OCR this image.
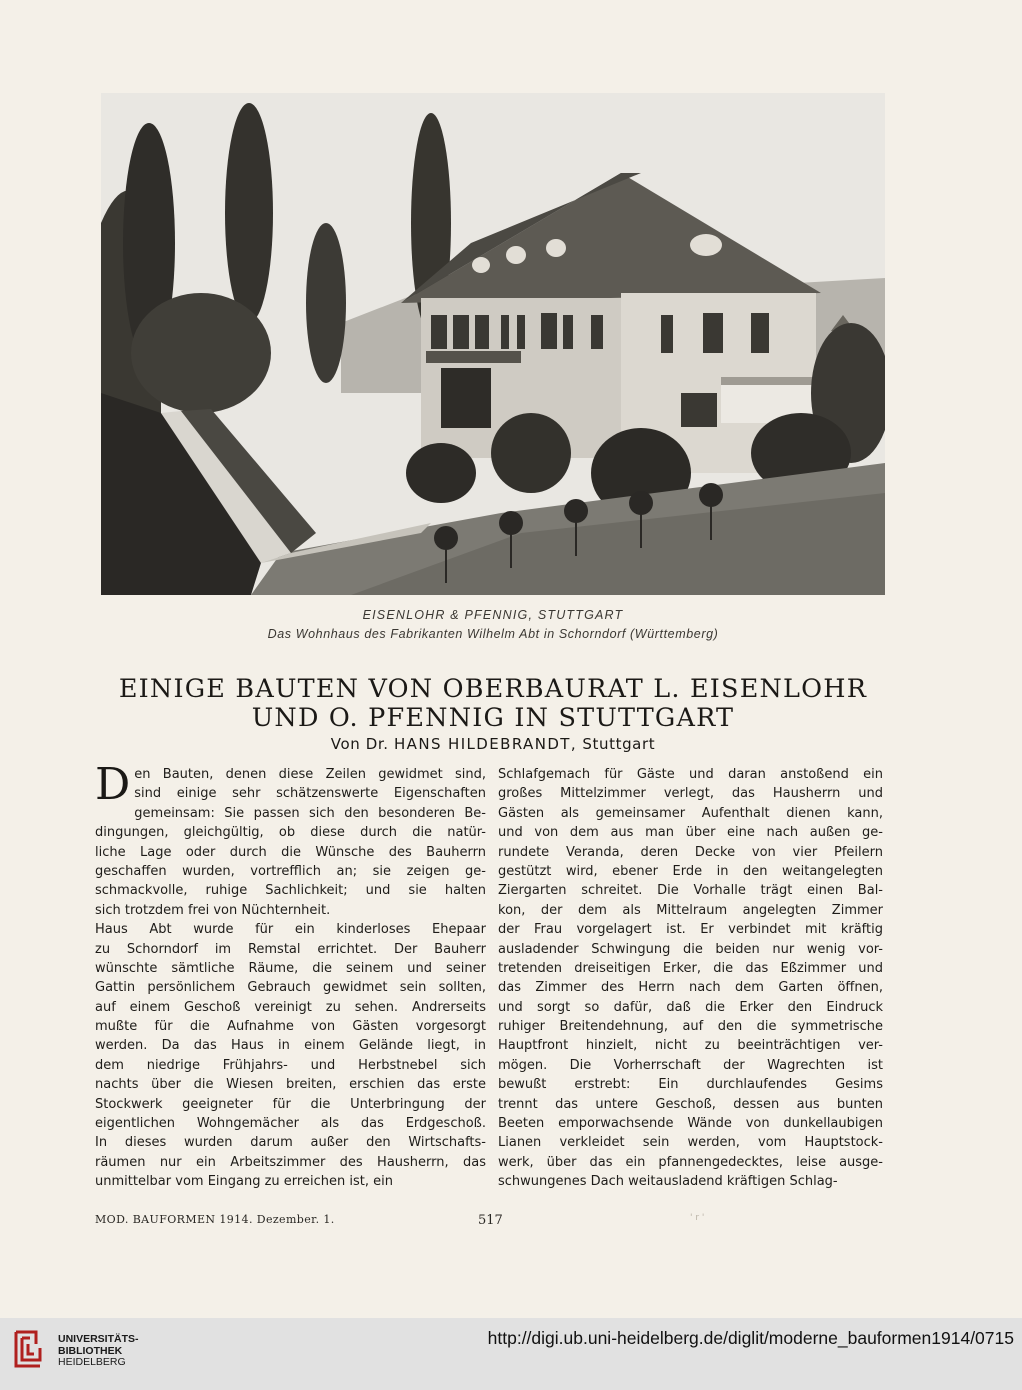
EISENLOHR & PFENNIG, STUTTGART
Das Wohnhaus des Fabrikanten Wilhelm Abt in Schorndorf (Württemberg)
EINIGE BAUTEN VON OBERBAURAT L. EISENLOHR
UND O. PFENNIG IN STUTTGART
Von Dr. HANS HILDEBRANDT, Stuttgart
D en Bauten, denen diese Zeilen gewidmet sind,
sind einige sehr schätzenswerte Eigenschaften
gemeinsam: Sie passen sich den besonderen Be-
dingungen, gleichgültig, ob diese durch die natür-
liche Lage oder durch die Wünsche des Bauherrn
geschaffen wurden, vortrefflich an; sie zeigen ge-
schmackvolle, ruhige Sachlichkeit; und sie halten
sich trotzdem frei von Nüchternheit.
Haus Abt wurde für ein kinderloses Ehepaar
zu Schorndorf im Remstal errichtet. Der Bauherr
wünschte sämtliche Räume, die seinem und seiner
Gattin persönlichem Gebrauch gewidmet sein sollten,
auf einem Geschoß vereinigt zu sehen. Andrerseits
mußte für die Aufnahme von Gästen vorgesorgt
werden. Da das Haus in einem Gelände liegt, in
dem niedrige Frühjahrs- und Herbstnebel sich
nachts über die Wiesen breiten, erschien das erste
Stockwerk geeigneter für die Unterbringung der
eigentlichen Wohngemächer als das Erdgeschoß.
In dieses wurden darum außer den Wirtschafts-
räumen nur ein Arbeitszimmer des Hausherrn, das
unmittelbar vom Eingang zu erreichen ist, ein
Schlafgemach für Gäste und daran anstoßend ein
großes Mittelzimmer verlegt, das Hausherrn und
Gästen als gemeinsamer Aufenthalt dienen kann,
und von dem aus man über eine nach außen ge-
rundete Veranda, deren Decke von vier Pfeilern
gestützt wird, ebener Erde in den weitangelegten
Ziergarten schreitet. Die Vorhalle trägt einen Bal-
kon, der dem als Mittelraum angelegten Zimmer
der Frau vorgelagert ist. Er verbindet mit kräftig
ausladender Schwingung die beiden nur wenig vor-
tretenden dreiseitigen Erker, die das Eßzimmer und
das Zimmer des Herrn nach dem Garten öffnen,
und sorgt so dafür, daß die Erker den Eindruck
ruhiger Breitendehnung, auf den die symmetrische
Hauptfront hinzielt, nicht zu beeinträchtigen ver-
mögen. Die Vorherrschaft der Wagrechten ist
bewußt erstrebt: Ein durchlaufendes Gesims
trennt das untere Geschoß, dessen aus bunten
Beeten emporwachsende Wände von dunkellaubigen
Lianen verkleidet sein werden, vom Hauptstock-
werk, über das ein pfannengedecktes, leise ausge-
schwungenes Dach weitausladend kräftigen Schlag-
MOD. BAUFORMEN 1914. Dezember. 1.	517	' r '
UNIVERSITÄTS-
BIBLIOTHEK
HEIDELBERG
http://digi.ub.uni-heidelberg.de/diglit/moderne_bauformen1914/0715
